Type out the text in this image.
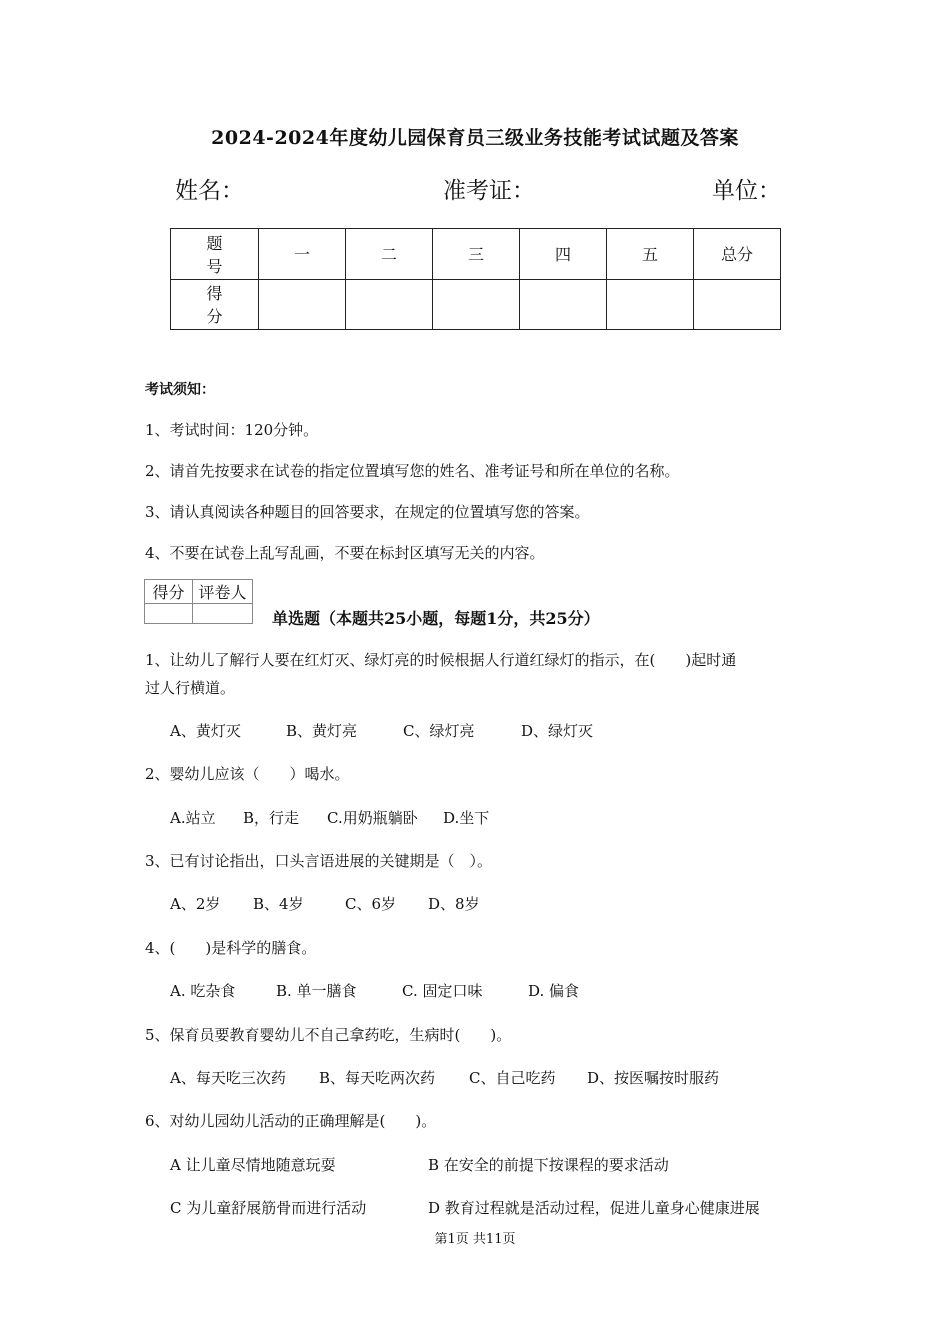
2024-2024年度幼儿园保育员三级业务技能考试试题及答案
姓名：	准考证：	单位：
题　号	一	二	三	四	五	总分
得　分						
考试须知：
1、考试时间：120分钟。
2、请首先按要求在试卷的指定位置填写您的姓名、准考证号和所在单位的名称。
3、请认真阅读各种题目的回答要求，在规定的位置填写您的答案。
4、不要在试卷上乱写乱画，不要在标封区填写无关的内容。
得分	评卷人

单选题（本题共25小题，每题1分，共25分）
1、让幼儿了解行人要在红灯灭、绿灯亮的时候根据人行道红绿灯的指示，在(　　)起时通
过人行横道。
A、黄灯灭	B、黄灯亮	C、绿灯亮	D、绿灯灭
2、婴幼儿应该（　　）喝水。
A.站立 B，行走 C.用奶瓶躺卧 D.坐下
3、已有讨论指出，口头言语进展的关键期是（　）。
A、2岁 B、4岁	C、6岁 D、8岁
4、(　　)是科学的膳食。
A. 吃杂食	B. 单一膳食	C. 固定口味	D. 偏食
5、保育员要教育婴幼儿不自己拿药吃，生病时(　　)。
A、每天吃三次药 B、每天吃两次药 C、自己吃药 D、按医嘱按时服药
6、对幼儿园幼儿活动的正确理解是(　　)。
A 让儿童尽情地随意玩耍	B 在安全的前提下按课程的要求活动
C 为儿童舒展筋骨而进行活动	D 教育过程就是活动过程，促进儿童身心健康进展
第1页 共11页
